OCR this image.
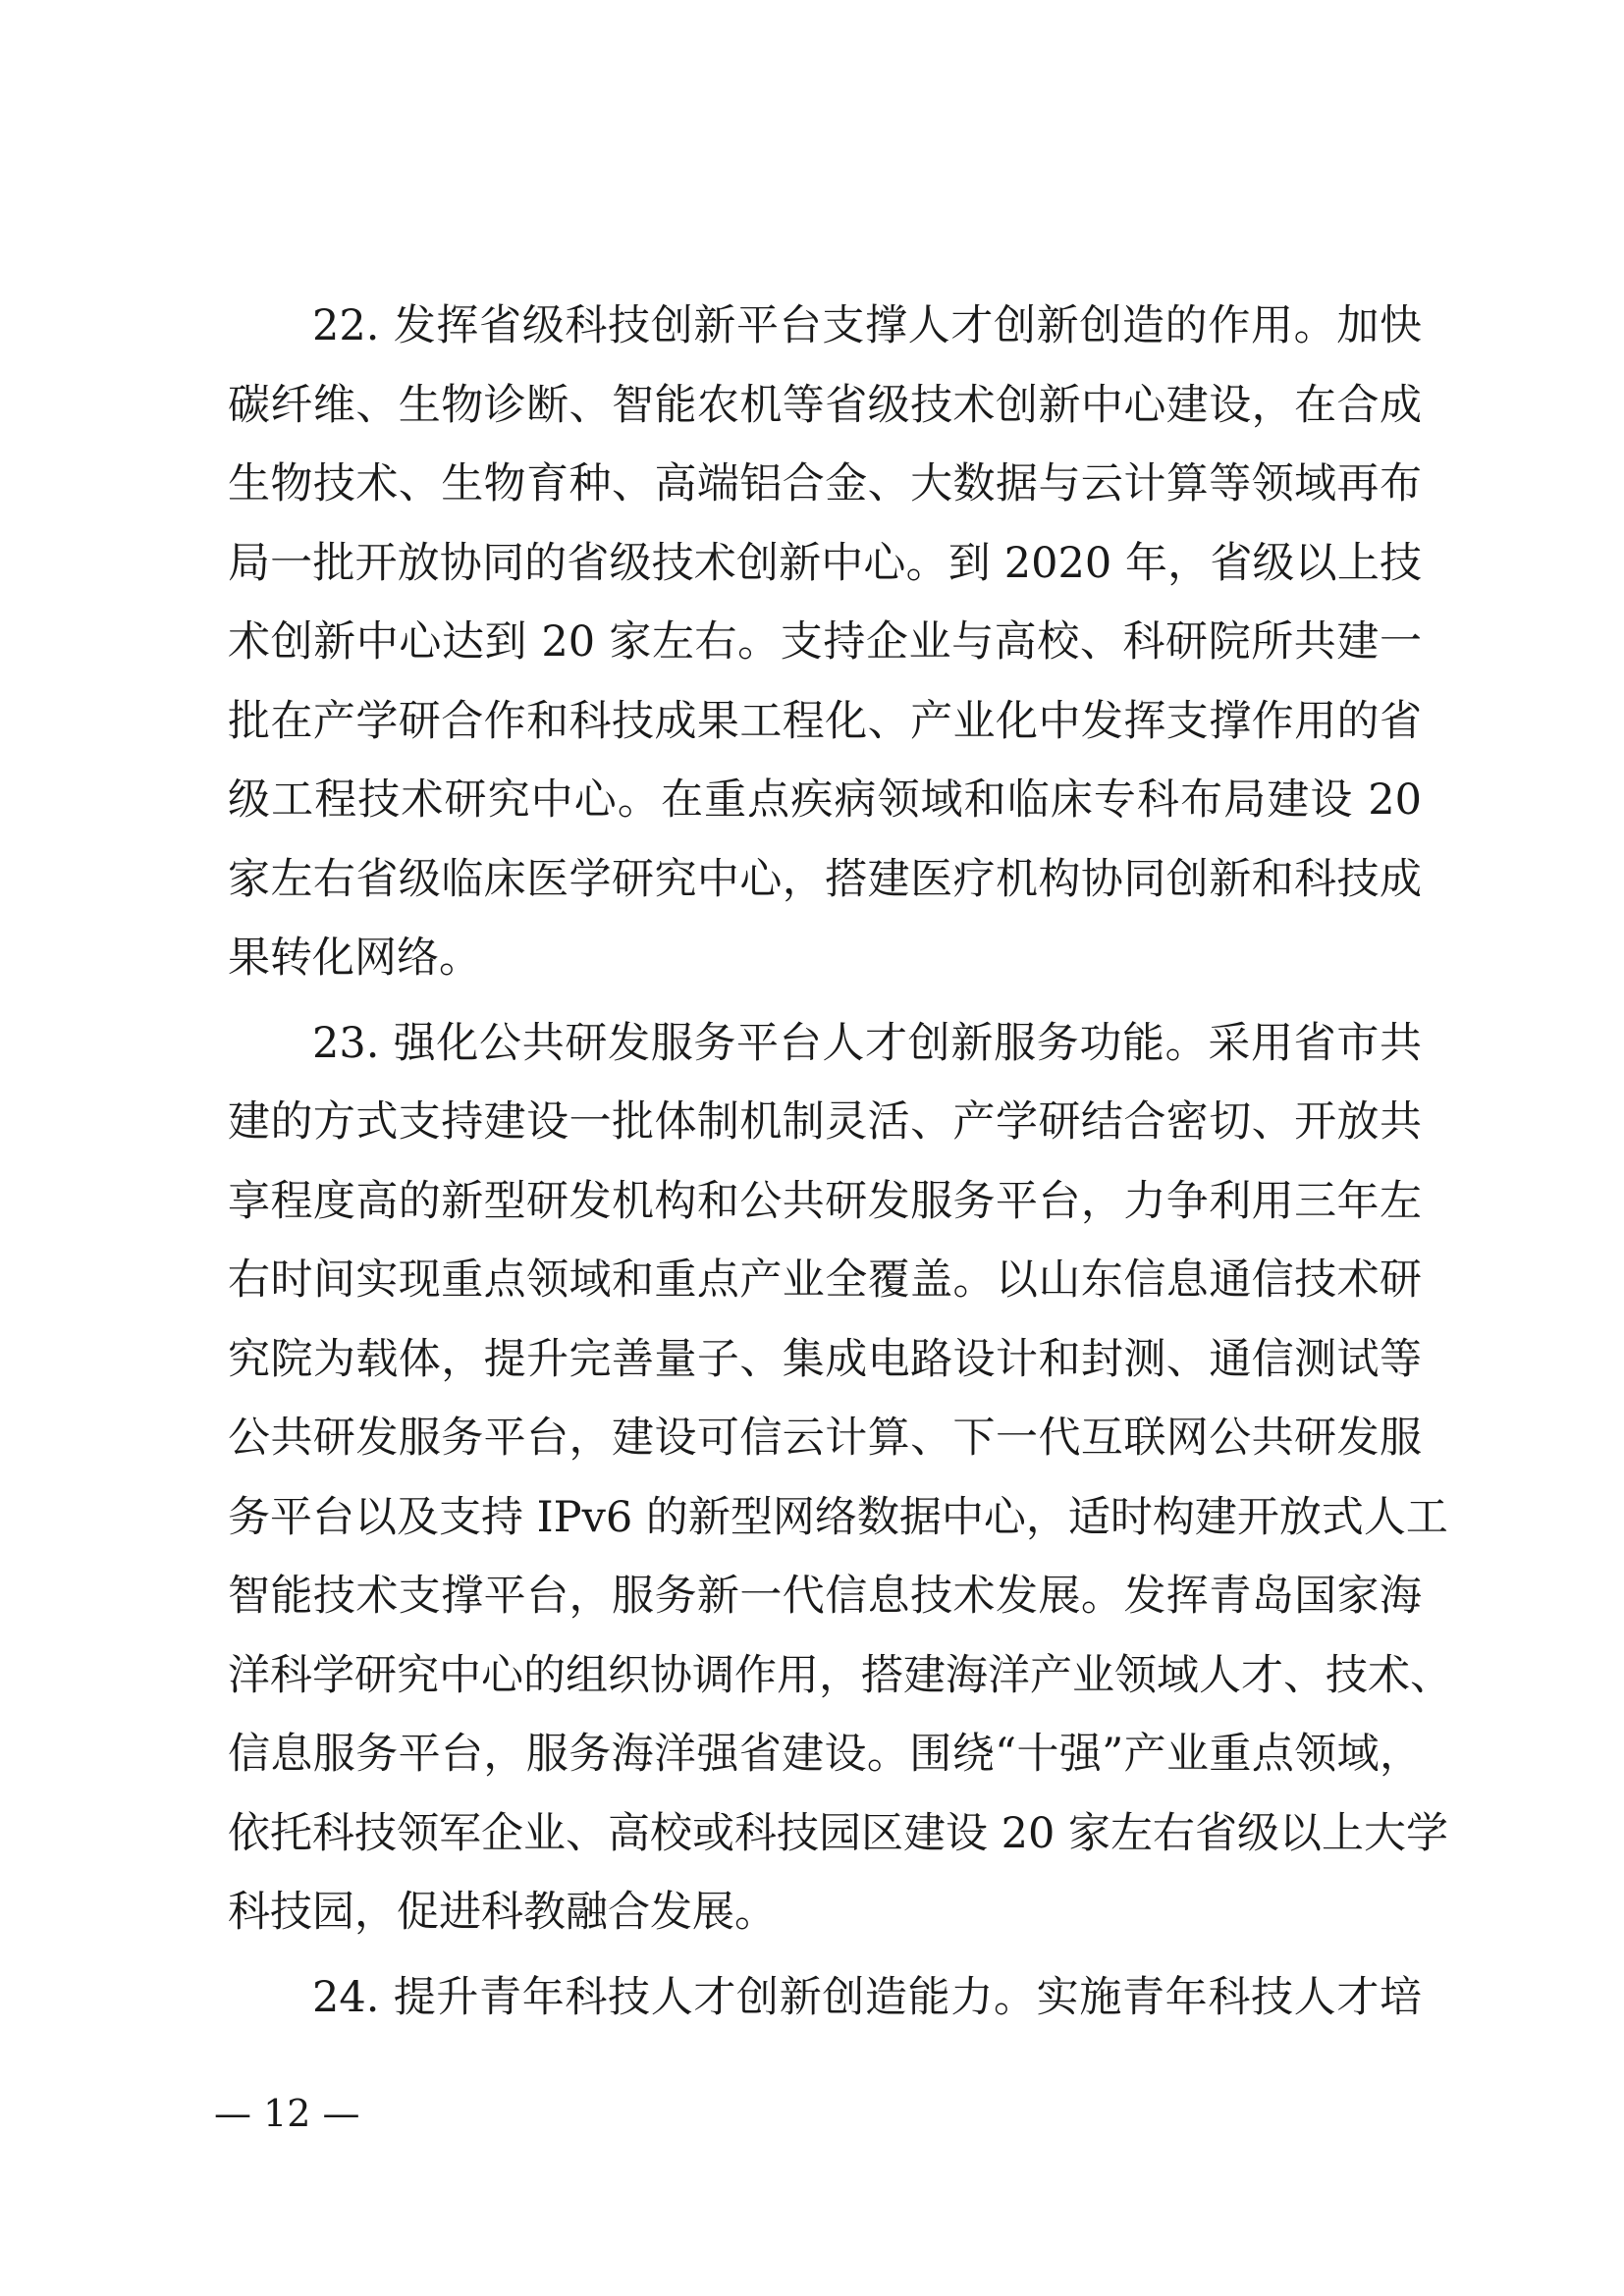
22. 发挥省级科技创新平台支撑人才创新创造的作用。加快
碳纤维、生物诊断、智能农机等省级技术创新中心建设，在合成
生物技术、生物育种、高端铝合金、大数据与云计算等领域再布
局一批开放协同的省级技术创新中心。到 2020 年，省级以上技
术创新中心达到 20 家左右。支持企业与高校、科研院所共建一
批在产学研合作和科技成果工程化、产业化中发挥支撑作用的省
级工程技术研究中心。在重点疾病领域和临床专科布局建设 20
家左右省级临床医学研究中心，搭建医疗机构协同创新和科技成
果转化网络。
23. 强化公共研发服务平台人才创新服务功能。采用省市共
建的方式支持建设一批体制机制灵活、产学研结合密切、开放共
享程度高的新型研发机构和公共研发服务平台，力争利用三年左
右时间实现重点领域和重点产业全覆盖。以山东信息通信技术研
究院为载体，提升完善量子、集成电路设计和封测、通信测试等
公共研发服务平台，建设可信云计算、下一代互联网公共研发服
务平台以及支持 IPv6 的新型网络数据中心，适时构建开放式人工
智能技术支撑平台，服务新一代信息技术发展。发挥青岛国家海
洋科学研究中心的组织协调作用，搭建海洋产业领域人才、技术、
信息服务平台，服务海洋强省建设。围绕“十强”产业重点领域，
依托科技领军企业、高校或科技园区建设 20 家左右省级以上大学
科技园，促进科教融合发展。
24. 提升青年科技人才创新创造能力。实施青年科技人才培
— 12 —
